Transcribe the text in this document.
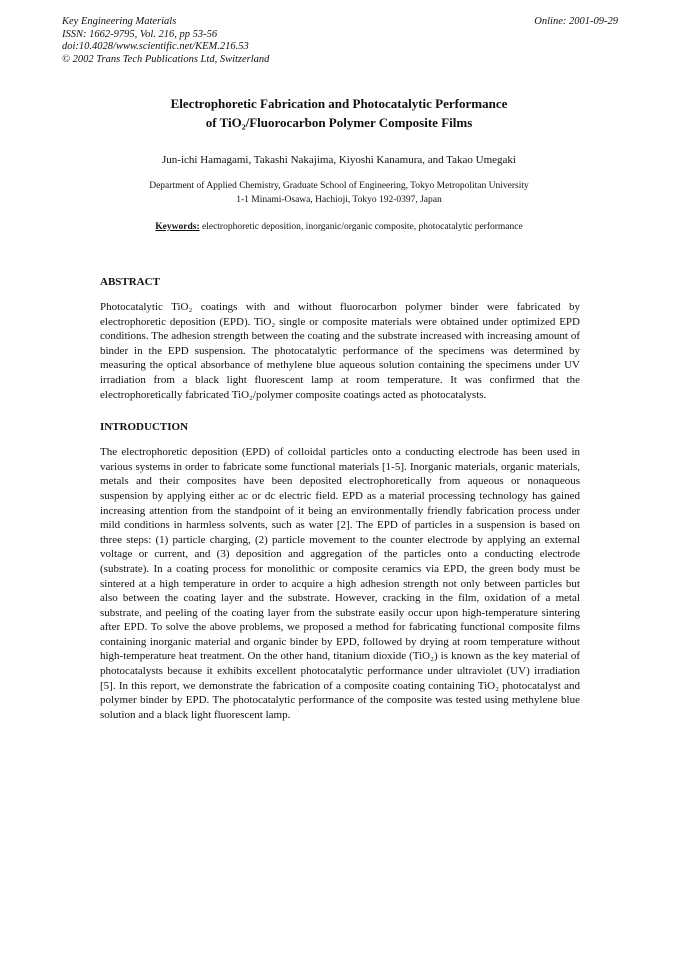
Key Engineering Materials
ISSN: 1662-9795, Vol. 216, pp 53-56
doi:10.4028/www.scientific.net/KEM.216.53
© 2002 Trans Tech Publications Ltd, Switzerland
Online: 2001-09-29
Electrophoretic Fabrication and Photocatalytic Performance
of TiO₂/Fluorocarbon Polymer Composite Films
Jun-ichi Hamagami, Takashi Nakajima, Kiyoshi Kanamura, and Takao Umegaki
Department of Applied Chemistry, Graduate School of Engineering, Tokyo Metropolitan University
1-1 Minami-Osawa, Hachioji, Tokyo 192-0397, Japan
Keywords: electrophoretic deposition, inorganic/organic composite, photocatalytic performance
ABSTRACT

Photocatalytic TiO₂ coatings with and without fluorocarbon polymer binder were fabricated by electrophoretic deposition (EPD). TiO₂ single or composite materials were obtained under optimized EPD conditions. The adhesion strength between the coating and the substrate increased with increasing amount of binder in the EPD suspension. The photocatalytic performance of the specimens was determined by measuring the optical absorbance of methylene blue aqueous solution containing the specimens under UV irradiation from a black light fluorescent lamp at room temperature. It was confirmed that the electrophoretically fabricated TiO₂/polymer composite coatings acted as photocatalysts.

INTRODUCTION

The electrophoretic deposition (EPD) of colloidal particles onto a conducting electrode has been used in various systems in order to fabricate some functional materials [1-5]. Inorganic materials, organic materials, metals and their composites have been deposited electrophoretically from aqueous or nonaqueous suspension by applying either ac or dc electric field. EPD as a material processing technology has gained increasing attention from the standpoint of it being an environmentally friendly fabrication process under mild conditions in harmless solvents, such as water [2]. The EPD of particles in a suspension is based on three steps: (1) particle charging, (2) particle movement to the counter electrode by applying an external voltage or current, and (3) deposition and aggregation of the particles onto a conducting electrode (substrate). In a coating process for monolithic or composite ceramics via EPD, the green body must be sintered at a high temperature in order to acquire a high adhesion strength not only between particles but also between the coating layer and the substrate. However, cracking in the film, oxidation of a metal substrate, and peeling of the coating layer from the substrate easily occur upon high-temperature sintering after EPD. To solve the above problems, we proposed a method for fabricating functional composite films containing inorganic material and organic binder by EPD, followed by drying at room temperature without high-temperature heat treatment. On the other hand, titanium dioxide (TiO₂) is known as the key material of photocatalysts because it exhibits excellent photocatalytic performance under ultraviolet (UV) irradiation [5]. In this report, we demonstrate the fabrication of a composite coating containing TiO₂ photocatalyst and polymer binder by EPD. The photocatalytic performance of the composite was tested using methylene blue solution and a black light fluorescent lamp.
